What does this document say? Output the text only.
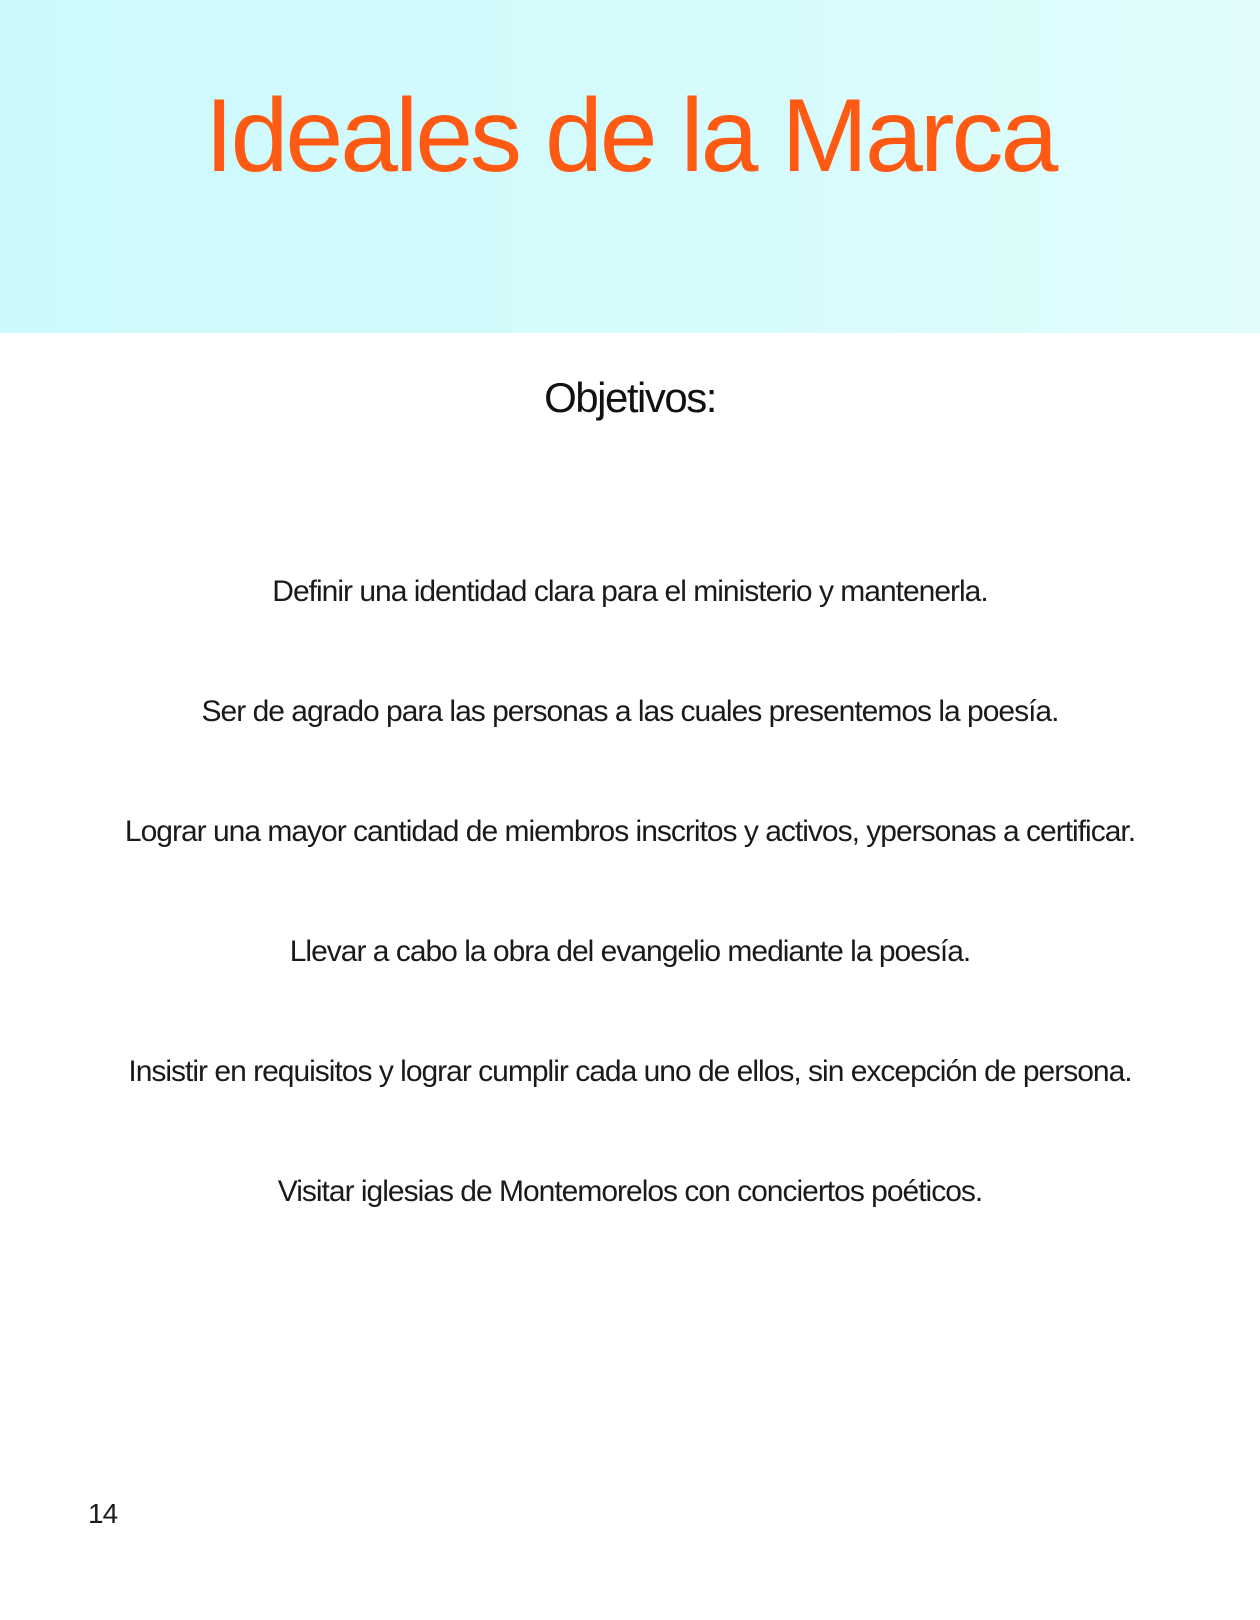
Ideales de la Marca
Objetivos:

Definir una identidad clara para el ministerio y mantenerla.

Ser de agrado para las personas a las cuales presentemos la poesía.

Lograr una mayor cantidad de miembros inscritos y activos, ypersonas a certificar.

Llevar a cabo la obra del evangelio mediante la poesía.

Insistir en requisitos y lograr cumplir cada uno de ellos, sin excepción de persona.

Visitar iglesias de Montemorelos con conciertos poéticos.

14
